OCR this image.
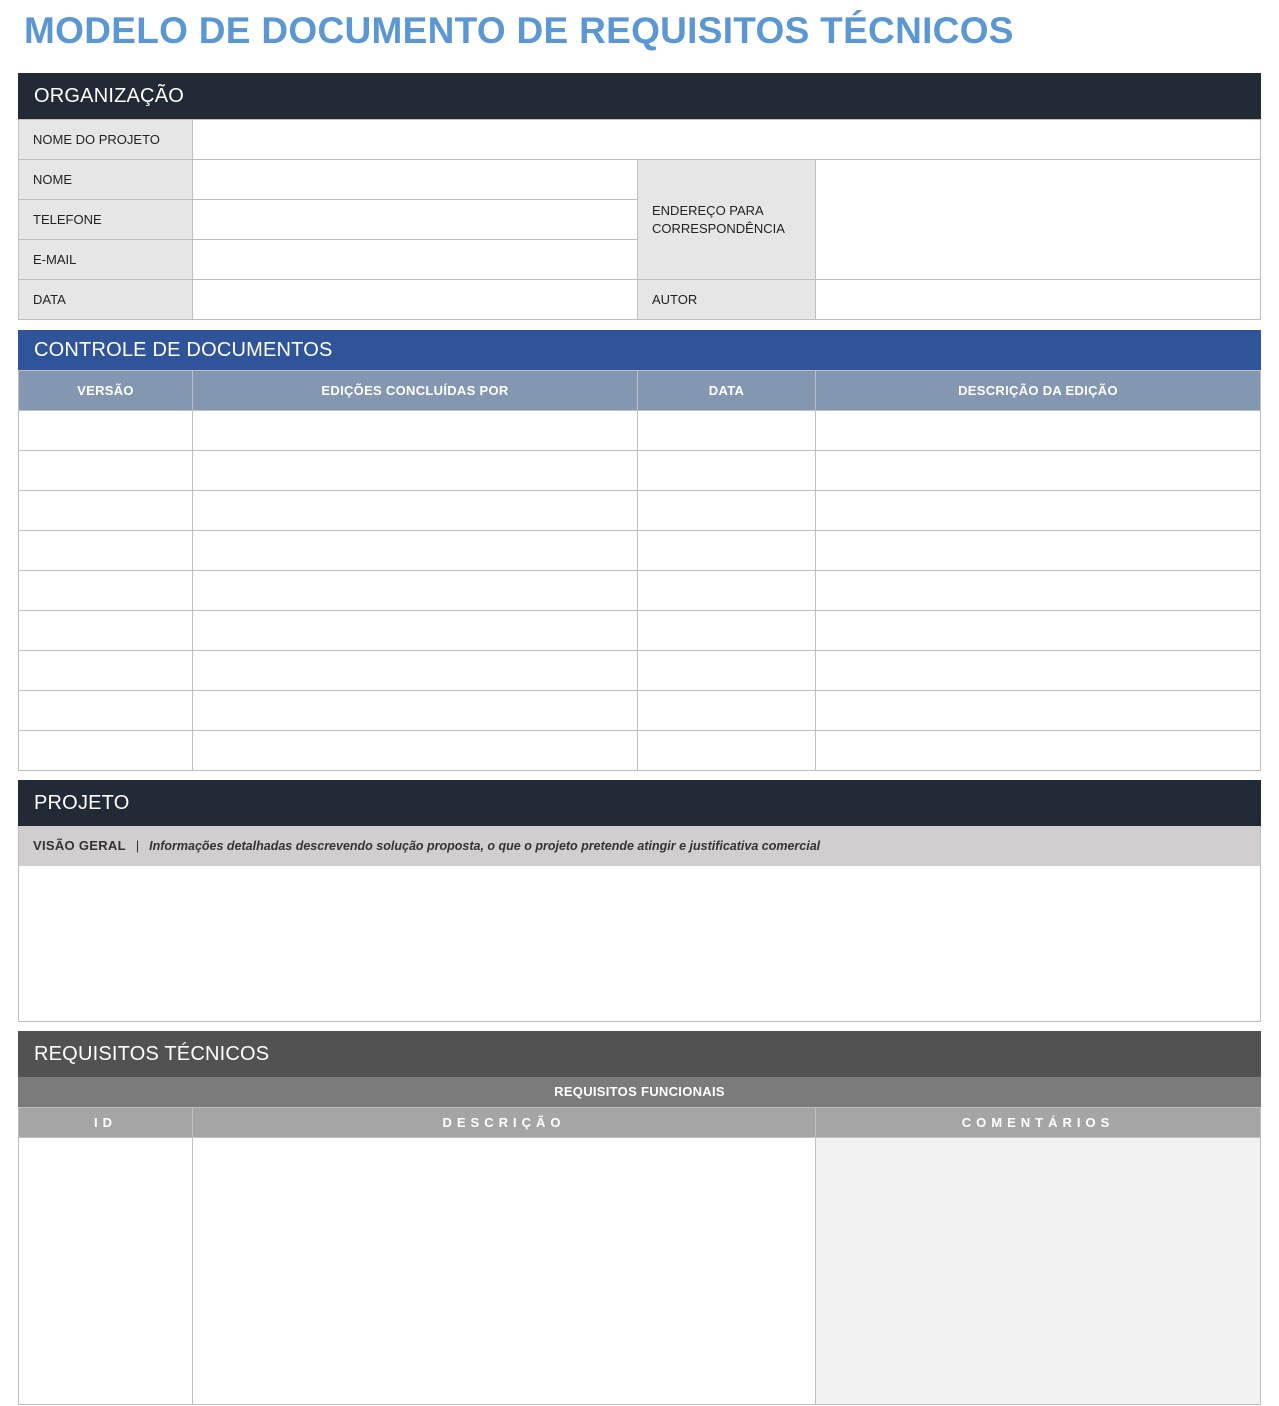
MODELO DE DOCUMENTO DE REQUISITOS TÉCNICOS
ORGANIZAÇÃO
NOME DO PROJETO			
NOME		ENDEREÇO PARA CORRESPONDÊNCIA	
TELEFONE			
E-MAIL			
DATA		AUTOR	
CONTROLE DE DOCUMENTOS
VERSÃO	EDIÇÕES CONCLUÍDAS POR	DATA	DESCRIÇÃO DA EDIÇÃO

PROJETO
VISÃO GERAL | Informações detalhadas descrevendo solução proposta, o que o projeto pretende atingir e justificativa comercial
REQUISITOS TÉCNICOS
REQUISITOS FUNCIONAIS
ID	DESCRIÇÃO	COMENTÁRIOS
